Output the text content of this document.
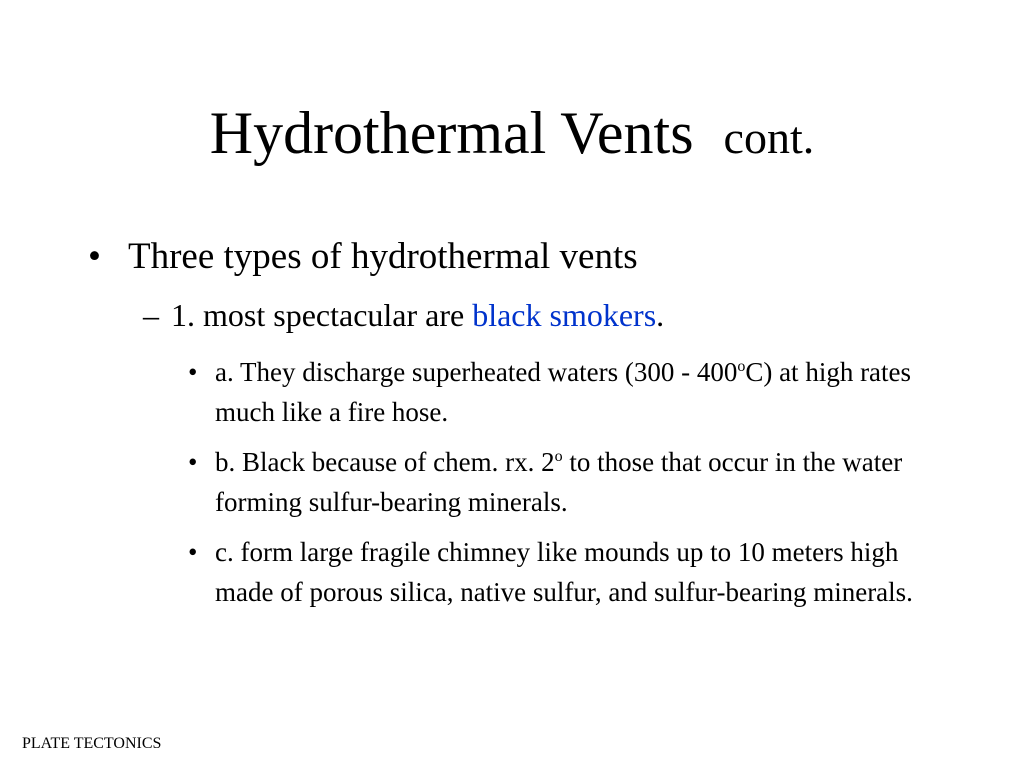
Hydrothermal Vents cont.
• Three types of hydrothermal vents
– 1. most spectacular are black smokers.
• a. They discharge superheated waters (300 - 400$^o$C) at high rates much like a fire hose.
• b. Black because of chem. rx. 2$^o$ to those that occur in the water forming sulfur-bearing minerals.
• c. form large fragile chimney like mounds up to 10 meters high made of porous silica, native sulfur, and sulfur-bearing minerals.
PLATE TECTONICS
